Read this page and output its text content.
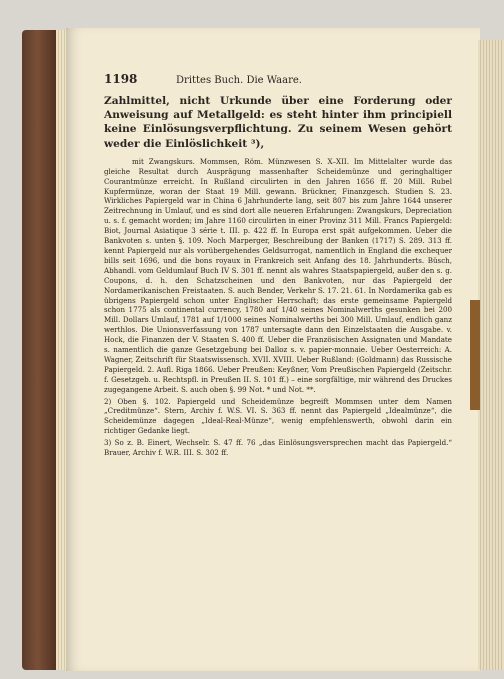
1198	Drittes Buch. Die Waare.

Zahlmittel, nicht Urkunde über eine Forderung oder Anweisung auf Metallgeld: es steht hinter ihm principiell keine Einlösungsverpflichtung. Zu seinem Wesen gehört weder die Einlöslichkeit ³),

mit Zwangskurs. Mommsen, Röm. Münzwesen S. X–XII. Im Mittelalter wurde das gleiche Resultat durch Ausprägung massenhafter Scheidemünze und geringhaltiger Courantmünze erreicht. In Rußland circulirten in den Jahren 1656 ff. 20 Mill. Rubel Kupfermünze, woran der Staat 19 Mill. gewann. Brückner, Finanzgesch. Studien S. 23. Wirkliches Papiergeld war in China 6 Jahrhunderte lang, seit 807 bis zum Jahre 1644 unserer Zeitrechnung in Umlauf, und es sind dort alle neueren Erfahrungen: Zwangskurs, Depreciation u. s. f. gemacht worden; im Jahre 1160 circulirten in einer Provinz 311 Mill. Francs Papiergeld: Biot, Journal Asiatique 3 série t. III. p. 422 ff. In Europa erst spät aufgekommen. Ueber die Bankvoten s. unten §. 109. Noch Marperger, Beschreibung der Banken (1717) S. 289. 313 ff. kennt Papiergeld nur als vorübergehendes Geldsurrogat, namentlich in England die exchequer bills seit 1696, und die bons royaux in Frankreich seit Anfang des 18. Jahrhunderts. Büsch, Abhandl. vom Geldumlauf Buch IV S. 301 ff. nennt als wahres Staatspapiergeld, außer den s. g. Coupons, d. h. den Schatzscheinen und den Bankvoten, nur das Papiergeld der Nordamerikanischen Freistaaten. S. auch Bender, Verkehr S. 17. 21. 61. In Nordamerika gab es übrigens Papiergeld schon unter Englischer Herrschaft; das erste gemeinsame Papiergeld schon 1775 als continental currency, 1780 auf 1/40 seines Nominalwerths gesunken bei 200 Mill. Dollars Umlauf, 1781 auf 1/1000 seines Nominalwerths bei 300 Mill. Umlauf, endlich ganz werthlos. Die Unionsverfassung von 1787 untersagte dann den Einzelstaaten die Ausgabe. v. Hock, die Finanzen der V. Staaten S. 400 ff. Ueber die Französischen Assignaten und Mandate s. namentlich die ganze Gesetzgebung bei Dalloz s. v. papier-monnaie. Ueber Oesterreich: A. Wagner, Zeitschrift für Staatswissensch. XVII. XVIII. Ueber Rußland: (Goldmann) das Russische Papiergeld. 2. Aufl. Riga 1866. Ueber Preußen: Keyßner, Vom Preußischen Papiergeld (Zeitschr. f. Gesetzgeb. u. Rechtspfl. in Preußen II. S. 101 ff.) – eine sorgfältige, mir während des Druckes zugegangene Arbeit. S. auch oben §. 99 Not. * und Not. **.

2) Oben §. 102. Papiergeld und Scheidemünze begreift Mommsen unter dem Namen „Creditmünze“. Stern, Archiv f. W.S. VI. S. 363 ff. nennt das Papiergeld „Idealmünze“, die Scheidemünze dagegen „Ideal-Real-Münze“, wenig empfehlenswerth, obwohl darin ein richtiger Gedanke liegt.

3) So z. B. Einert, Wechselr. S. 47 ff. 76 „das Einlösungsversprechen macht das Papiergeld.“ Brauer, Archiv f. W.R. III. S. 302 ff.
